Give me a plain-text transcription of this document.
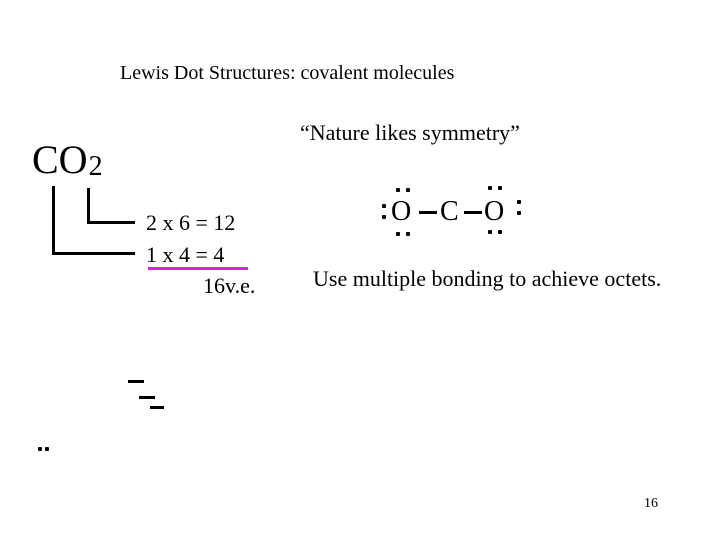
Lewis Dot Structures: covalent molecules
“Nature likes symmetry”
$CO_2$
2 x 6 = 12
1 x 4 = 4
16v.e.
O C O
Use multiple bonding to achieve octets.
16
